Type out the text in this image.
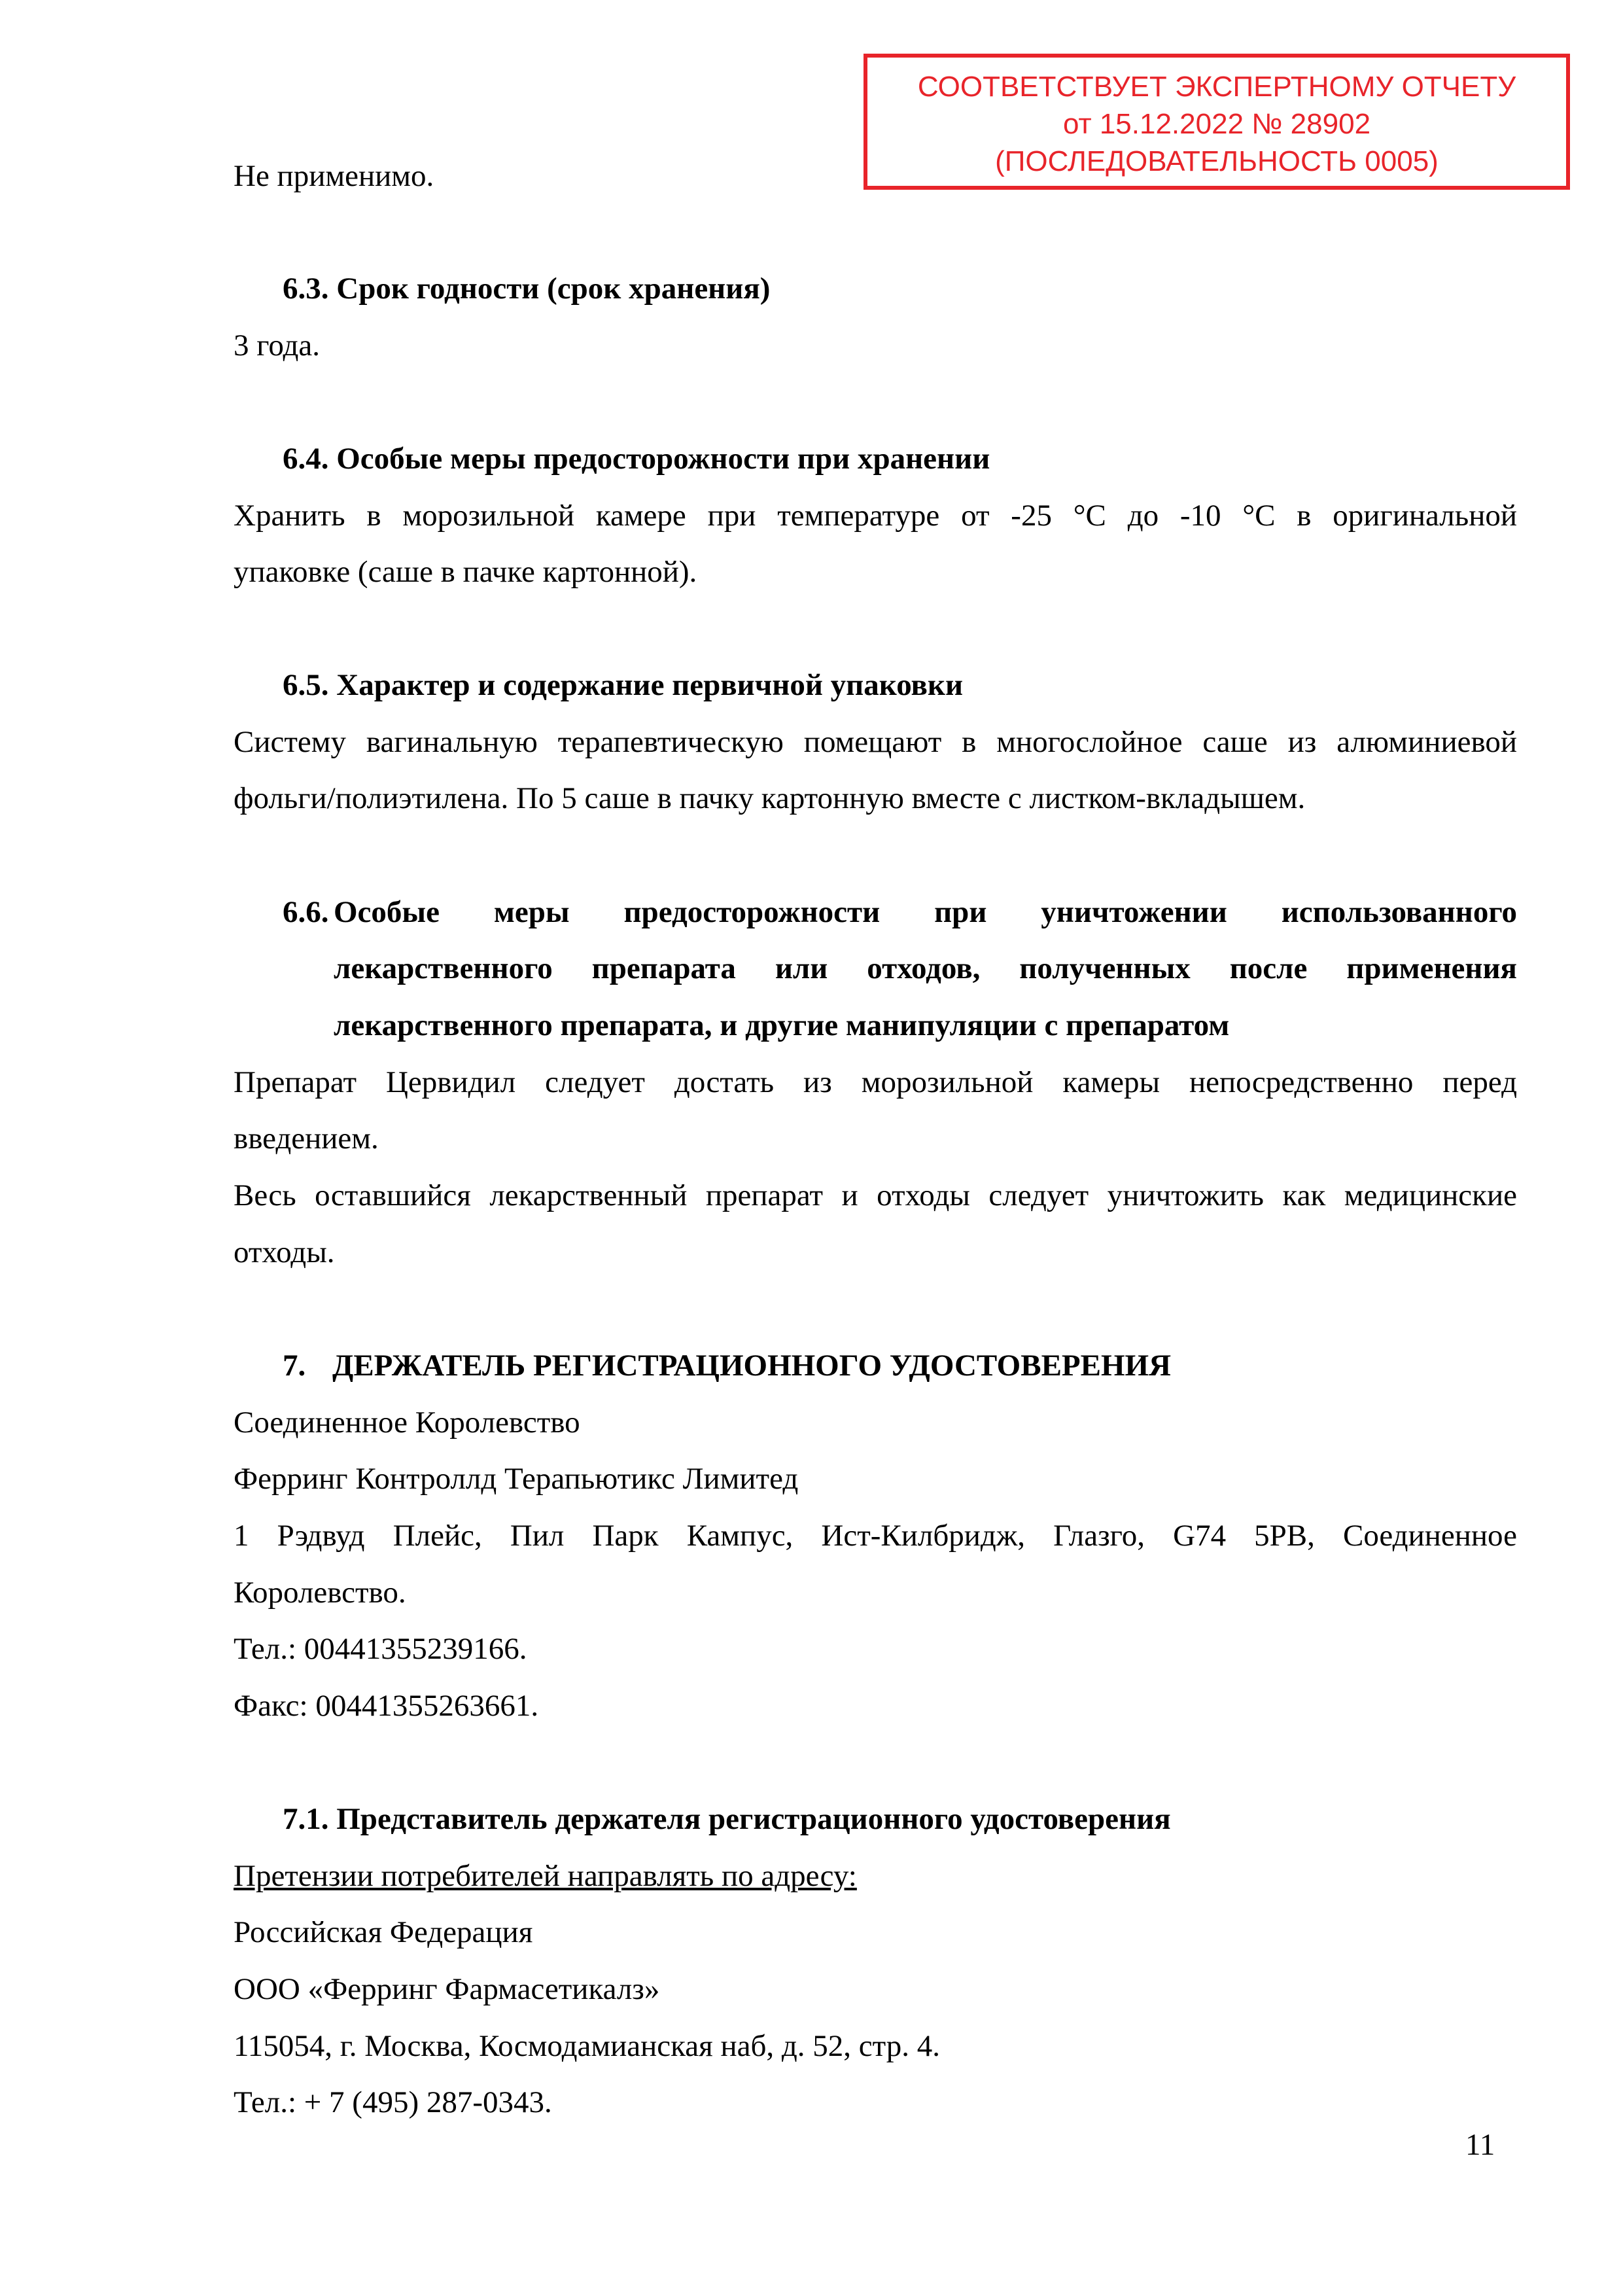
СООТВЕТСТВУЕТ ЭКСПЕРТНОМУ ОТЧЕТУ
от 15.12.2022 № 28902
(ПОСЛЕДОВАТЕЛЬНОСТЬ 0005)
Не применимо.
6.3. Срок годности (срок хранения)
3 года.
6.4. Особые меры предосторожности при хранении
Хранить в морозильной камере при температуре от -25 °С до -10 °С в оригинальной
упаковке (саше в пачке картонной).
6.5. Характер и содержание первичной упаковки
Систему вагинальную терапевтическую помещают в многослойное саше из алюминиевой
фольги/полиэтилена. По 5 саше в пачку картонную вместе с листком-вкладышем.
6.6. Особые меры предосторожности при уничтожении использованного
лекарственного препарата или отходов, полученных после применения
лекарственного препарата, и другие манипуляции с препаратом
Препарат Цервидил следует достать из морозильной камеры непосредственно перед
введением.
Весь оставшийся лекарственный препарат и отходы следует уничтожить как медицинские
отходы.
7. ДЕРЖАТЕЛЬ РЕГИСТРАЦИОННОГО УДОСТОВЕРЕНИЯ
Соединенное Королевство
Ферринг Контроллд Терапьютикс Лимитед
1 Рэдвуд Плейс, Пил Парк Кампус, Ист-Килбридж, Глазго, G74 5PB, Соединенное
Королевство.
Тел.: 00441355239166.
Факс: 00441355263661.
7.1. Представитель держателя регистрационного удостоверения
Претензии потребителей направлять по адресу:
Российская Федерация
ООО «Ферринг Фармасетикалз»
115054, г. Москва, Космодамианская наб, д. 52, стр. 4.
Тел.: + 7 (495) 287-0343.
11
